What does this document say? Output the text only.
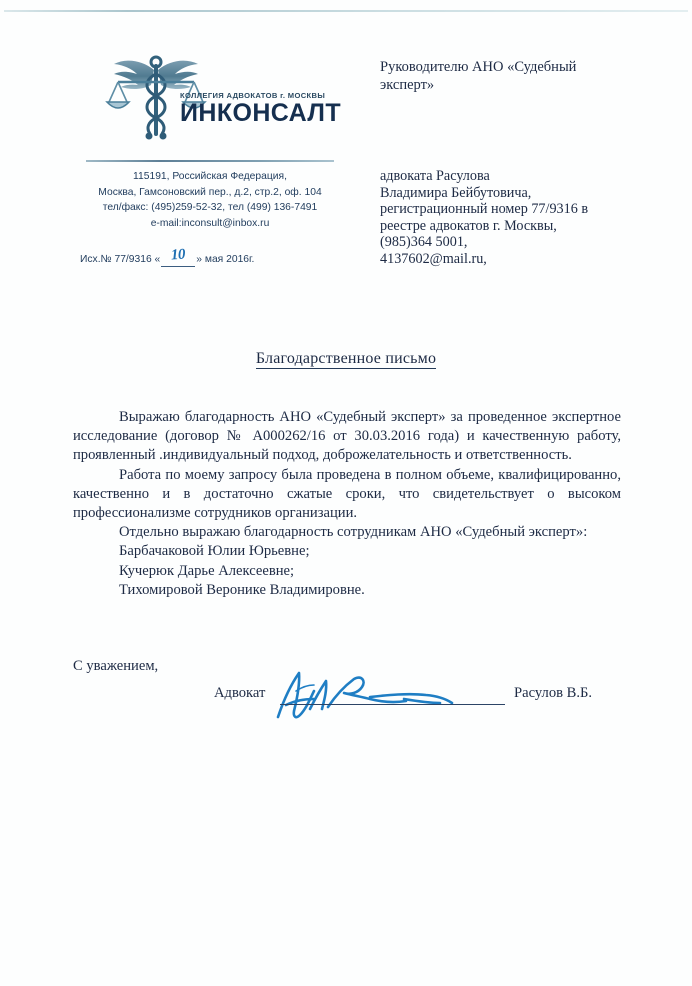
КОЛЛЕГИЯ АДВОКАТОВ г. МОСКВЫ
ИНКОНСАЛТ
115191, Российская Федерация,
Москва, Гамсоновский пер., д.2, стр.2, оф. 104
тел/факс: (495)259-52-32, тел (499) 136-7491
e-mail:inconsult@inbox.ru
Исх.№ 77/9316 « 10 » мая 2016г.
Руководителю АНО «Судебный
эксперт»
адвоката Расулова
Владимира Бейбутовича,
регистрационный номер 77/9316 в
реестре адвокатов г. Москвы,
(985)364 5001,
4137602@mail.ru,
Благодарственное письмо

Выражаю благодарность АНО «Судебный эксперт» за проведенное экспертное исследование (договор № А000262/16 от 30.03.2016 года) и качественную работу, проявленный .индивидуальный подход, доброжелательность и ответственность.

Работа по моему запросу была проведена в полном объеме, квалифицированно, качественно и в достаточно сжатые сроки, что свидетельствует о высоком профессионализме сотрудников организации.

Отдельно выражаю благодарность сотрудникам АНО «Судебный эксперт»:

Барбачаковой Юлии Юрьевне;
Кучерюк Дарье Алексеевне;
Тихомировой Веронике Владимировне.
С уважением,
Адвокат	Расулов В.Б.
